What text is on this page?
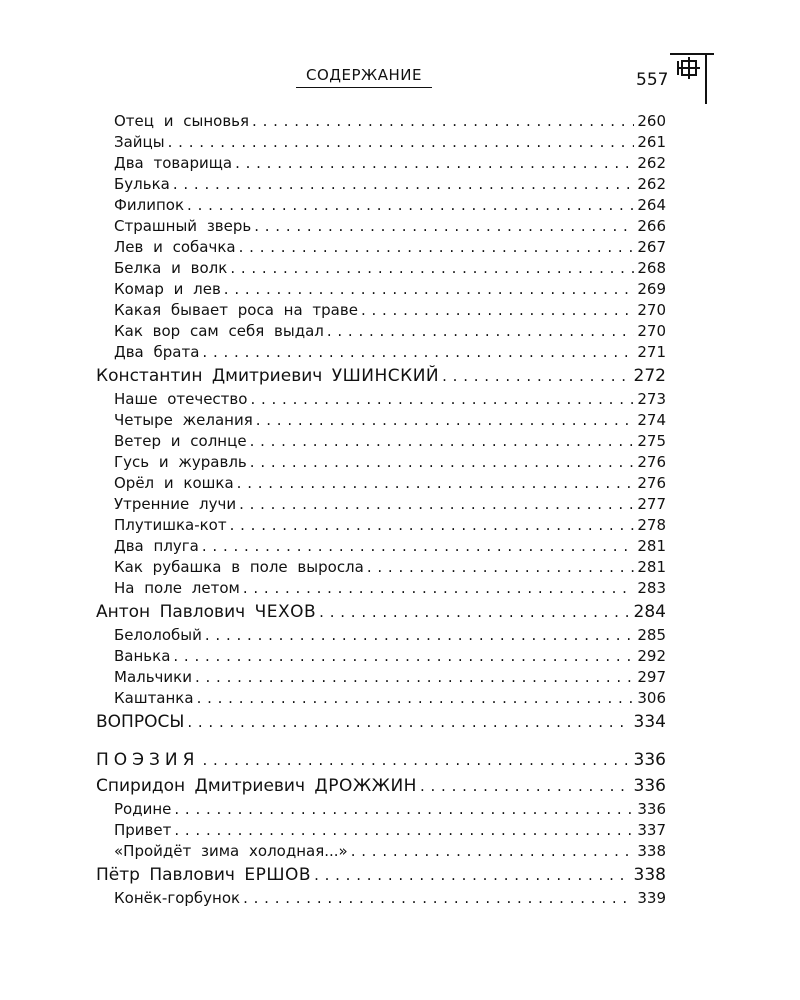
СОДЕРЖАНИЕ	557
Отец и сыновья . . .	260
Зайцы . . .	261
Два товарища . . .	262
Булька . . .	262
Филипок . . .	264
Страшный зверь . . .	266
Лев и собачка . . .	267
Белка и волк . . .	268
Комар и лев . . .	269
Какая бывает роса на траве . . .	270
Как вор сам себя выдал . . .	270
Два брата . . .	271
Константин Дмитриевич УШИНСКИЙ . . .	272
Наше отечество . . .	273
Четыре желания . . .	274
Ветер и солнце . . .	275
Гусь и журавль . . .	276
Орёл и кошка . . .	276
Утренние лучи . . .	277
Плутишка-кот . . .	278
Два плуга . . .	281
Как рубашка в поле выросла . . .	281
На поле летом . . .	283
Антон Павлович ЧЕХОВ . . .	284
Белолобый . . .	285
Ванька . . .	292
Мальчики . . .	297
Каштанка . . .	306
ВОПРОСЫ . . .	334
ПОЭЗИЯ . . .	336
Спиридон Дмитриевич ДРОЖЖИН . . .	336
Родине . . .	336
Привет . . .	337
«Пройдёт зима холодная...» . . .	338
Пётр Павлович ЕРШОВ . . .	338
Конёк-горбунок . . .	339
